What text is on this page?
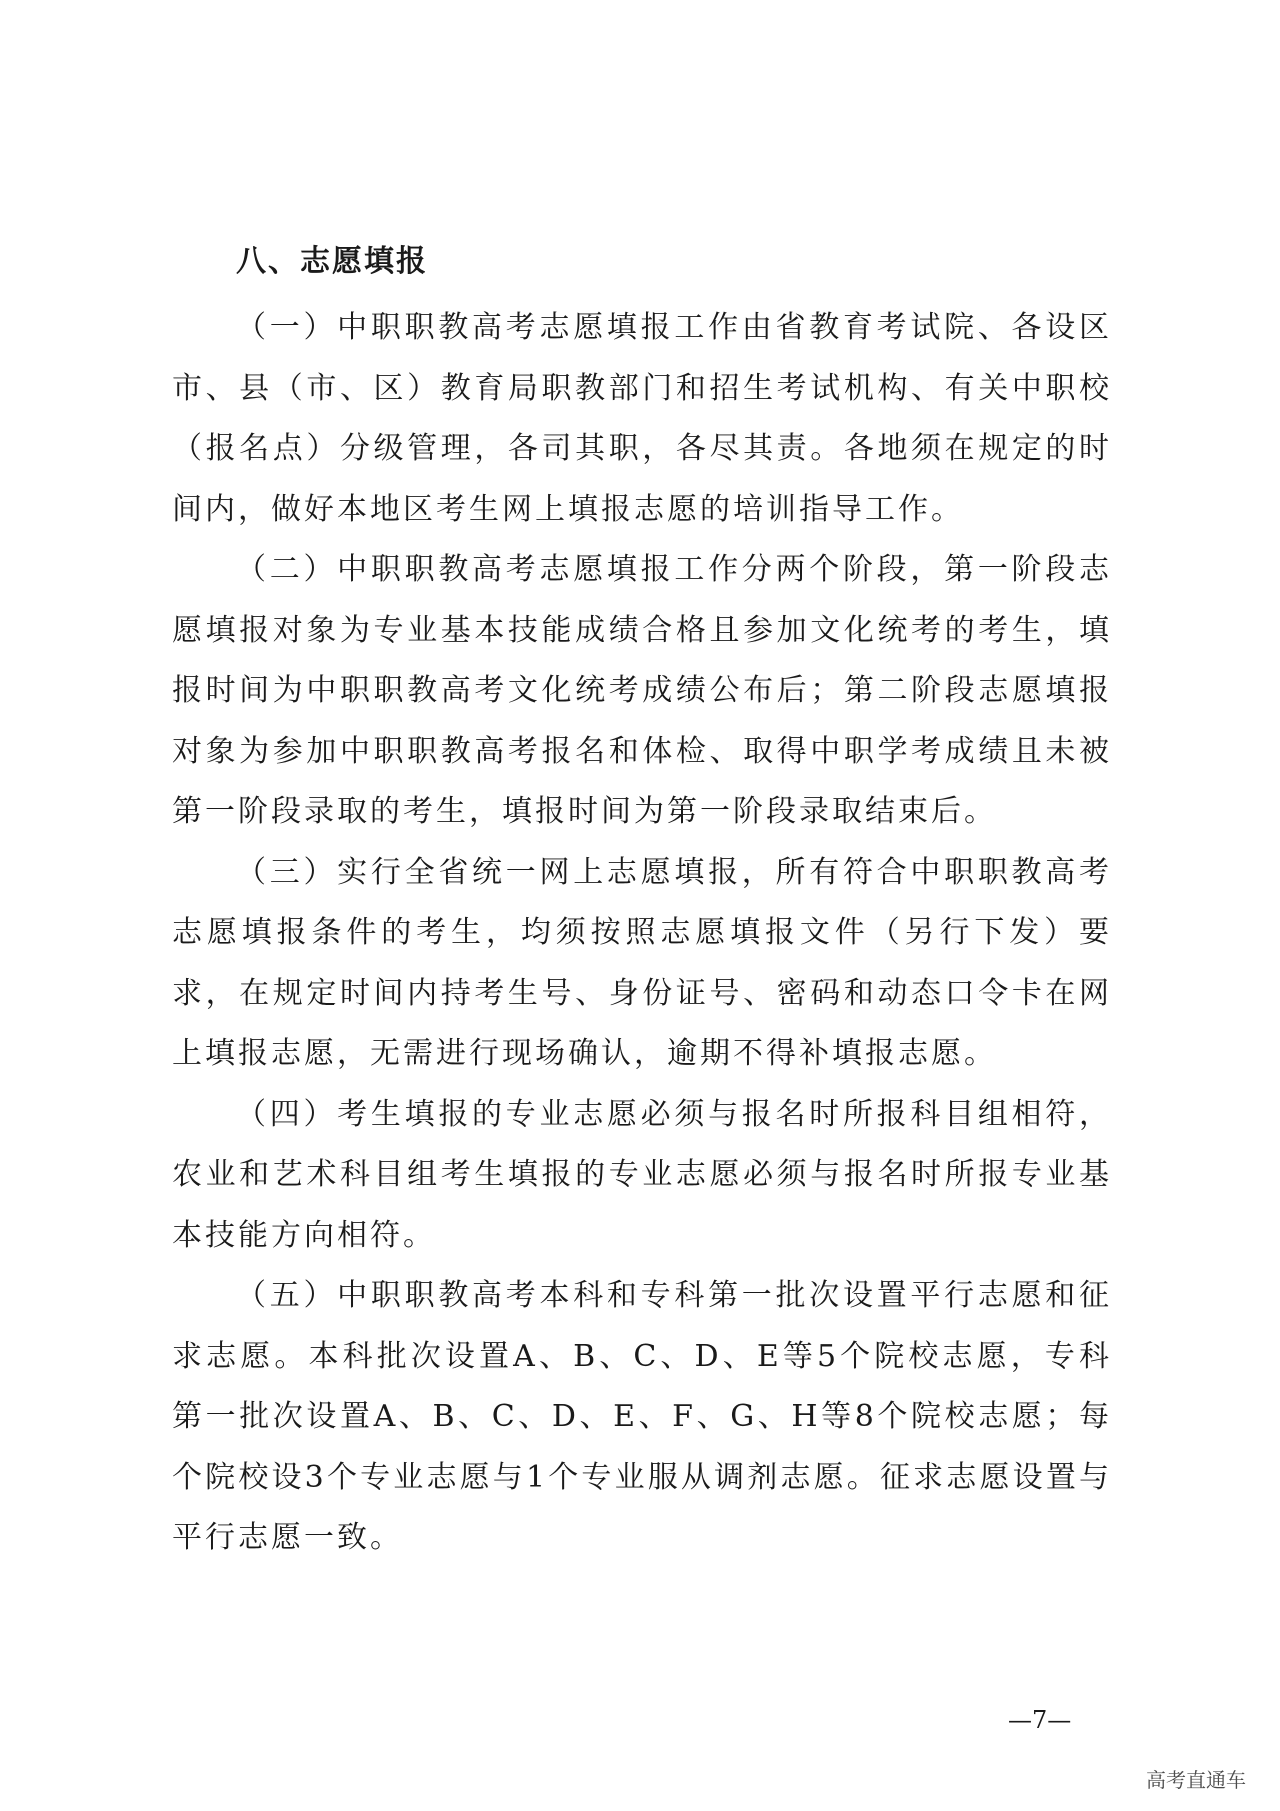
八、志愿填报

（一）中职职教高考志愿填报工作由省教育考试院、各设区市、县（市、区）教育局职教部门和招生考试机构、有关中职校（报名点）分级管理，各司其职，各尽其责。各地须在规定的时间内，做好本地区考生网上填报志愿的培训指导工作。

（二）中职职教高考志愿填报工作分两个阶段，第一阶段志愿填报对象为专业基本技能成绩合格且参加文化统考的考生，填报时间为中职职教高考文化统考成绩公布后；第二阶段志愿填报对象为参加中职职教高考报名和体检、取得中职学考成绩且未被第一阶段录取的考生，填报时间为第一阶段录取结束后。

（三）实行全省统一网上志愿填报，所有符合中职职教高考志愿填报条件的考生，均须按照志愿填报文件（另行下发）要求，在规定时间内持考生号、身份证号、密码和动态口令卡在网上填报志愿，无需进行现场确认，逾期不得补填报志愿。

（四）考生填报的专业志愿必须与报名时所报科目组相符，农业和艺术科目组考生填报的专业志愿必须与报名时所报专业基本技能方向相符。

（五）中职职教高考本科和专科第一批次设置平行志愿和征求志愿。本科批次设置A、B、C、D、E等5个院校志愿，专科第一批次设置A、B、C、D、E、F、G、H等8个院校志愿；每个院校设3个专业志愿与1个专业服从调剂志愿。征求志愿设置与平行志愿一致。

—7—
高考直通车
